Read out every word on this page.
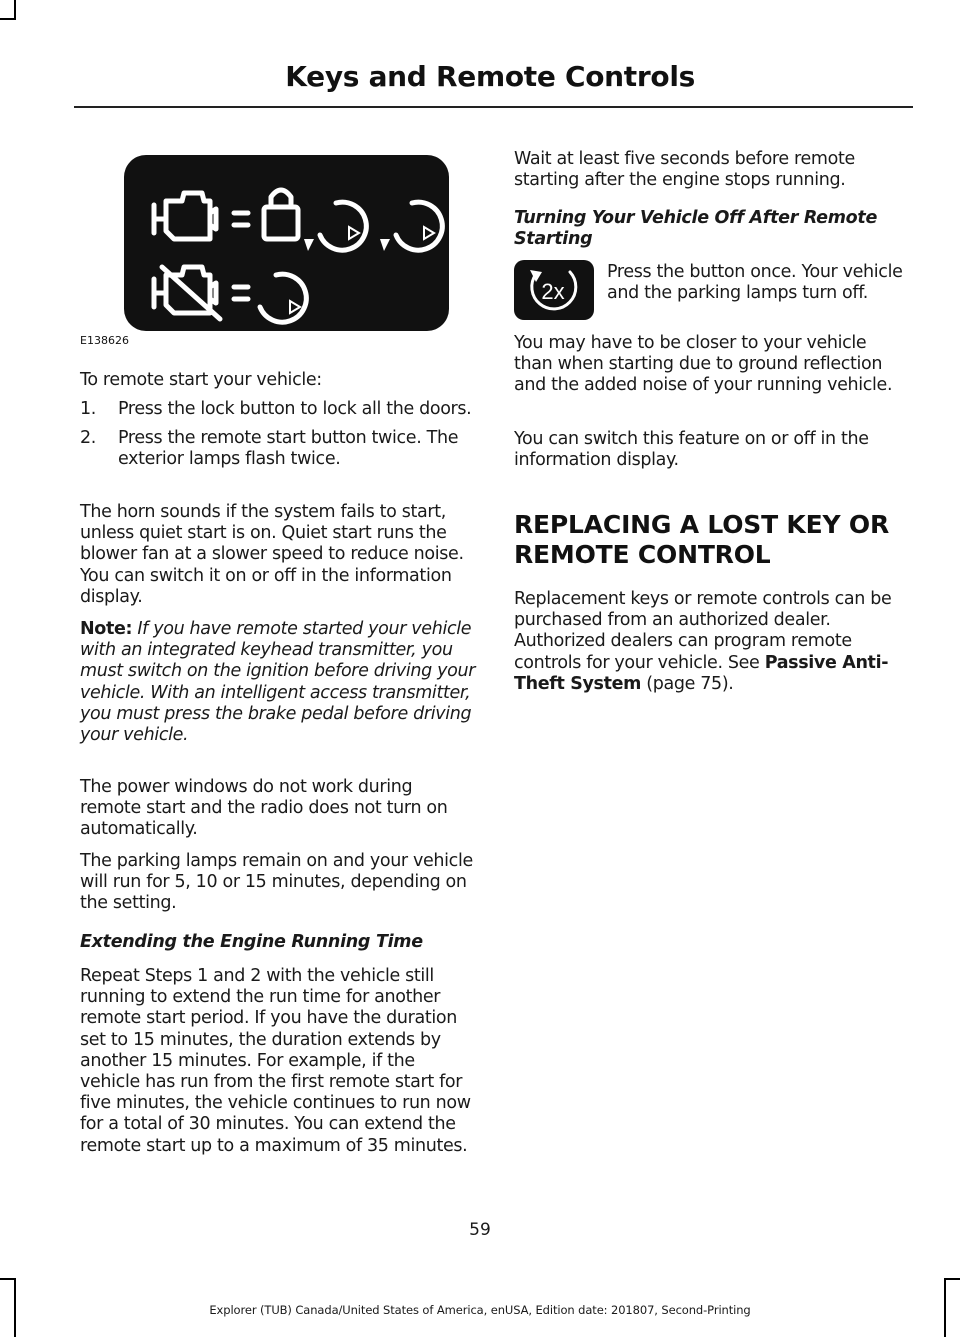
Keys and Remote Controls
E138626

To remote start your vehicle:

1. Press the lock button to lock all the doors.
2. Press the remote start button twice. The exterior lamps flash twice.

The horn sounds if the system fails to start, unless quiet start is on. Quiet start runs the blower fan at a slower speed to reduce noise. You can switch it on or off in the information display.

Note: If you have remote started your vehicle with an integrated keyhead transmitter, you must switch on the ignition before driving your vehicle. With an intelligent access transmitter, you must press the brake pedal before driving your vehicle.

The power windows do not work during remote start and the radio does not turn on automatically.

The parking lamps remain on and your vehicle will run for 5, 10 or 15 minutes, depending on the setting.

Extending the Engine Running Time

Repeat Steps 1 and 2 with the vehicle still running to extend the run time for another remote start period. If you have the duration set to 15 minutes, the duration extends by another 15 minutes. For example, if the vehicle has run from the first remote start for five minutes, the vehicle continues to run now for a total of 30 minutes. You can extend the remote start up to a maximum of 35 minutes.

Wait at least five seconds before remote starting after the engine stops running.

Turning Your Vehicle Off After Remote Starting
2x

Press the button once. Your vehicle and the parking lamps turn off.

You may have to be closer to your vehicle than when starting due to ground reflection and the added noise of your running vehicle.

You can switch this feature on or off in the information display.

REPLACING A LOST KEY OR
REMOTE CONTROL

Replacement keys or remote controls can be purchased from an authorized dealer. Authorized dealers can program remote controls for your vehicle. See Passive Anti-Theft System (page 75).

59
Explorer (TUB) Canada/United States of America, enUSA, Edition date: 201807, Second-Printing
